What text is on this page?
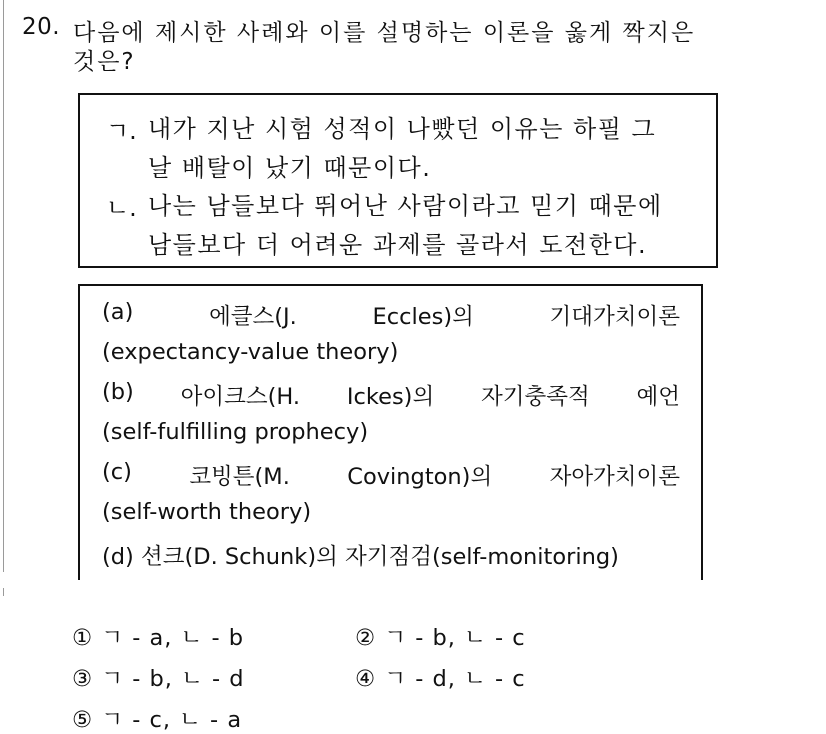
20. 다음에 제시한 사례와 이를 설명하는 이론을 옳게 짝지은
것은?
ㄱ. 내가 지난 시험 성적이 나빴던 이유는 하필 그
날 배탈이 났기 때문이다.
ㄴ. 나는 남들보다 뛰어난 사람이라고 믿기 때문에
남들보다 더 어려운 과제를 골라서 도전한다.
(a)	에클스(J.	Eccles)의	기대가치이론
(expectancy-value theory)
(b) 아이크스(H. Ickes)의 자기충족적 예언
(self-fulfilling prophecy)
(c)	코빙튼(M.	Covington)의	자아가치이론
(self-worth theory)
(d) 션크(D. Schunk)의 자기점검(self-monitoring)
① ㄱ - a, ㄴ - b	② ㄱ - b, ㄴ - c
③ ㄱ - b, ㄴ - d	④ ㄱ - d, ㄴ - c
⑤ ㄱ - c, ㄴ - a
